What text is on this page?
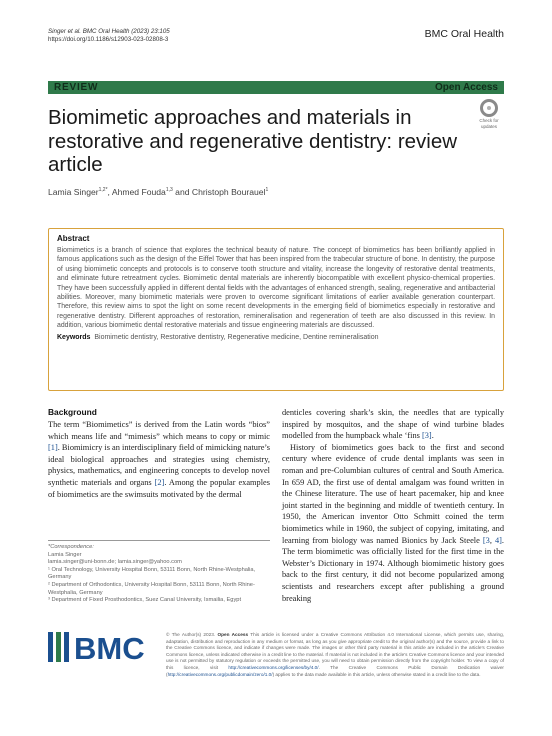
Singer et al. BMC Oral Health (2023) 23:105
https://doi.org/10.1186/s12903-023-02808-3	BMC Oral Health
REVIEW	Open Access
Check for
updates
Biomimetic approaches and materials in restorative and regenerative dentistry: review article
Lamia Singer$^{1,2*}$, Ahmed Fouda$^{1,3}$ and Christoph Bourauel$^1$
Abstract

Biomimetics is a branch of science that explores the technical beauty of nature. The concept of biomimetics has been brilliantly applied in famous applications such as the design of the Eiffel Tower that has been inspired from the trabecular structure of bone. In dentistry, the purpose of using biomimetic concepts and protocols is to conserve tooth structure and vitality, increase the longevity of restorative dental treatments, and eliminate future retreatment cycles. Biomimetic dental materials are inherently biocompatible with excellent physico-chemical properties. They have been successfully applied in different dental fields with the advantages of enhanced strength, sealing, regenerative and antibacterial abilities. Moreover, many biomimetic materials were proven to overcome significant limitations of earlier available generation counterpart. Therefore, this review aims to spot the light on some recent developments in the emerging field of biomimetics especially in restorative and regenerative dentistry. Different approaches of restoration, remineralisation and regeneration of teeth are also discussed in this review. In addition, various biomimetic dental restorative materials and tissue engineering materials are discussed.

Keywords Biomimetic dentistry, Restorative dentistry, Regenerative medicine, Dentine remineralisation
Background

The term “Biomimetics” is derived from the Latin words “bios” which means life and “mimesis” which means to copy or mimic [1]. Biomimicry is an interdisciplinary field of mimicking nature’s ideal biological approaches and strategies using chemistry, physics, mathematics, and engineering concepts to develop novel synthetic materials and organs [2]. Among the popular examples of biomimetics are the swimsuits motivated by the dermal

*Correspondence:
Lamia Singer
lamia.singer@uni-bonn.de; lamia.singer@yahoo.com
¹ Oral Technology, University Hospital Bonn, 53111 Bonn, North Rhine-Westphalia, Germany
² Department of Orthodontics, University Hospital Bonn, 53111 Bonn, North Rhine-Westphalia, Germany
³ Department of Fixed Prosthodontics, Suez Canal University, Ismailia, Egypt

denticles covering shark’s skin, the needles that are typically inspired by mosquitos, and the shape of wind turbine blades modelled from the humpback whale ‘fins [3].

History of biomimetics goes back to the first and second century where evidence of crude dental implants was seen in roman and pre-Columbian cultures of central and South America. In 659 AD, the first use of dental amalgam was found written in the Chinese literature. The use of heart pacemaker, hip and knee joint started in the beginning and middle of twentieth century. In 1950, the American inventor Otto Schmitt coined the term biomimetics while in 1960, the subject of copying, imitating, and learning from biology was named Bionics by Jack Steele [3, 4]. The term biomimetic was officially listed for the first time in the Webster’s Dictionary in 1974. Although biomimetic history goes back to the first century, it did not become popularized among scientists and researchers except after publishing a ground breaking

BMC	© The Author(s) 2023. Open Access This article is licensed under a Creative Commons Attribution 4.0 International License, which permits use, sharing, adaptation, distribution and reproduction in any medium or format, as long as you give appropriate credit to the original author(s) and the source, provide a link to the Creative Commons licence, and indicate if changes were made. The images or other third party material in this article are included in the article’s Creative Commons licence, unless indicated otherwise in a credit line to the material. If material is not included in the article’s Creative Commons licence and your intended use is not permitted by statutory regulation or exceeds the permitted use, you will need to obtain permission directly from the copyright holder. To view a copy of this licence, visit http://creativecommons.org/licenses/by/4.0/. The Creative Commons Public Domain Dedication waiver (http://creativecommons.org/publicdomain/zero/1.0/) applies to the data made available in this article, unless otherwise stated in a credit line to the data.
